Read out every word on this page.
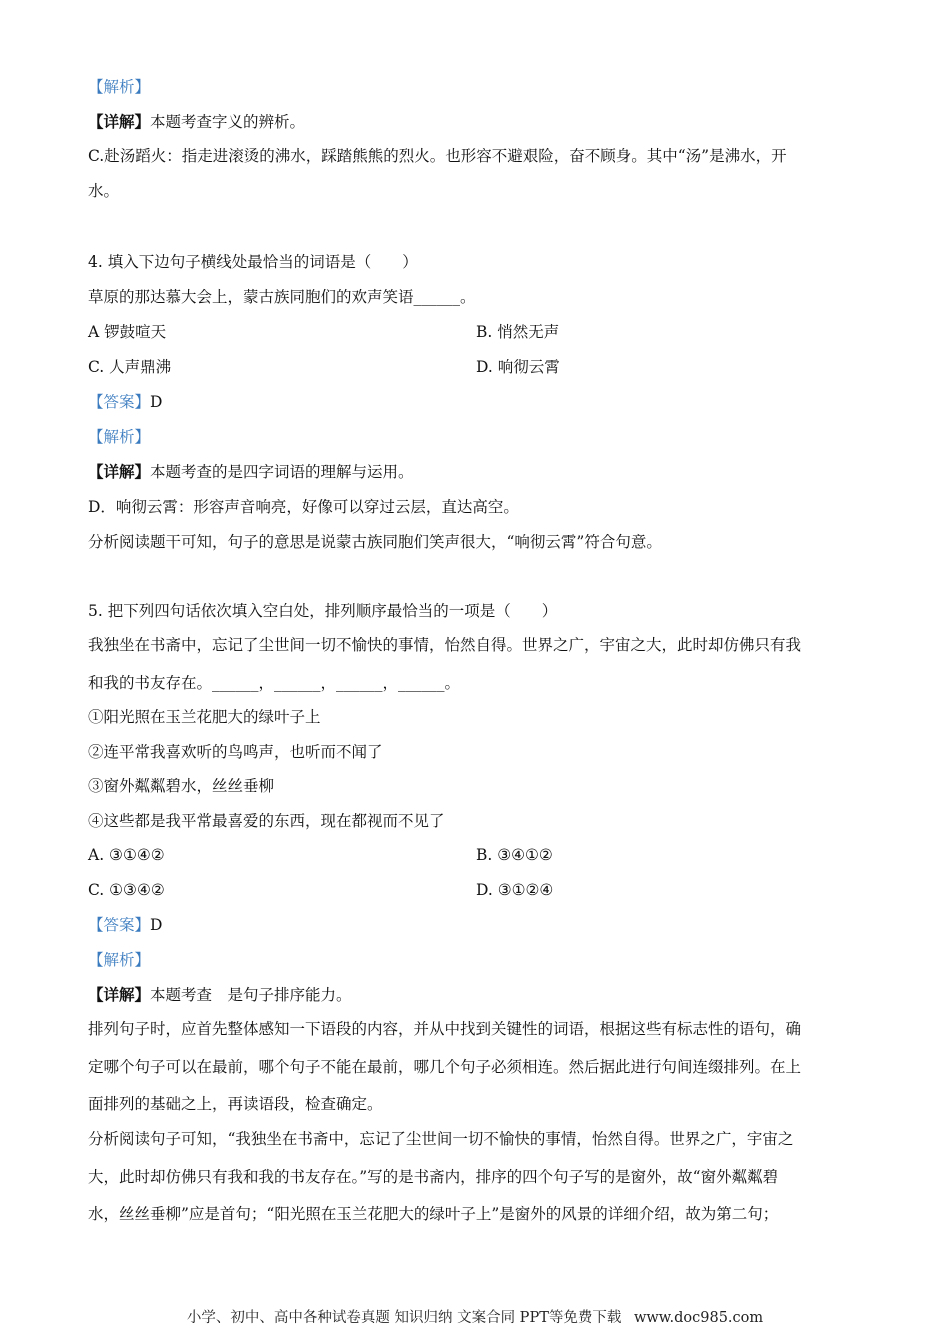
【解析】
【详解】本题考查字义的辨析。
C.赴汤蹈火：指走进滚烫的沸水，踩踏熊熊的烈火。也形容不避艰险，奋不顾身。其中“汤”是沸水，开
水。
4. 填入下边句子横线处最恰当的词语是（　　）
草原的那达慕大会上，蒙古族同胞们的欢声笑语______。
A 锣鼓喧天	B. 悄然无声
C. 人声鼎沸	D. 响彻云霄
【答案】D
【解析】
【详解】本题考查的是四字词语的理解与运用。
D．响彻云霄：形容声音响亮，好像可以穿过云层，直达高空。
分析阅读题干可知，句子的意思是说蒙古族同胞们笑声很大，“响彻云霄”符合句意。
5. 把下列四句话依次填入空白处，排列顺序最恰当的一项是（　　）
我独坐在书斋中，忘记了尘世间一切不愉快的事情，怡然自得。世界之广，宇宙之大，此时却仿佛只有我
和我的书友存在。______，______，______，______。
①阳光照在玉兰花肥大的绿叶子上
②连平常我喜欢听的鸟鸣声，也听而不闻了
③窗外粼粼碧水，丝丝垂柳
④这些都是我平常最喜爱的东西，现在都视而不见了
A. ③①④②	B. ③④①②
C. ①③④②	D. ③①②④
【答案】D
【解析】
【详解】本题考查　是句子排序能力。
排列句子时，应首先整体感知一下语段的内容，并从中找到关键性的词语，根据这些有标志性的语句，确
定哪个句子可以在最前，哪个句子不能在最前，哪几个句子必须相连。然后据此进行句间连缀排列。在上
面排列的基础之上，再读语段，检查确定。
分析阅读句子可知，“我独坐在书斋中，忘记了尘世间一切不愉快的事情，怡然自得。世界之广，宇宙之
大，此时却仿佛只有我和我的书友存在。”写的是书斋内，排序的四个句子写的是窗外，故“窗外粼粼碧
水，丝丝垂柳”应是首句；“阳光照在玉兰花肥大的绿叶子上”是窗外的风景的详细介绍，故为第二句；
小学、初中、高中各种试卷真题 知识归纳 文案合同 PPT等免费下载 www.doc985.com
